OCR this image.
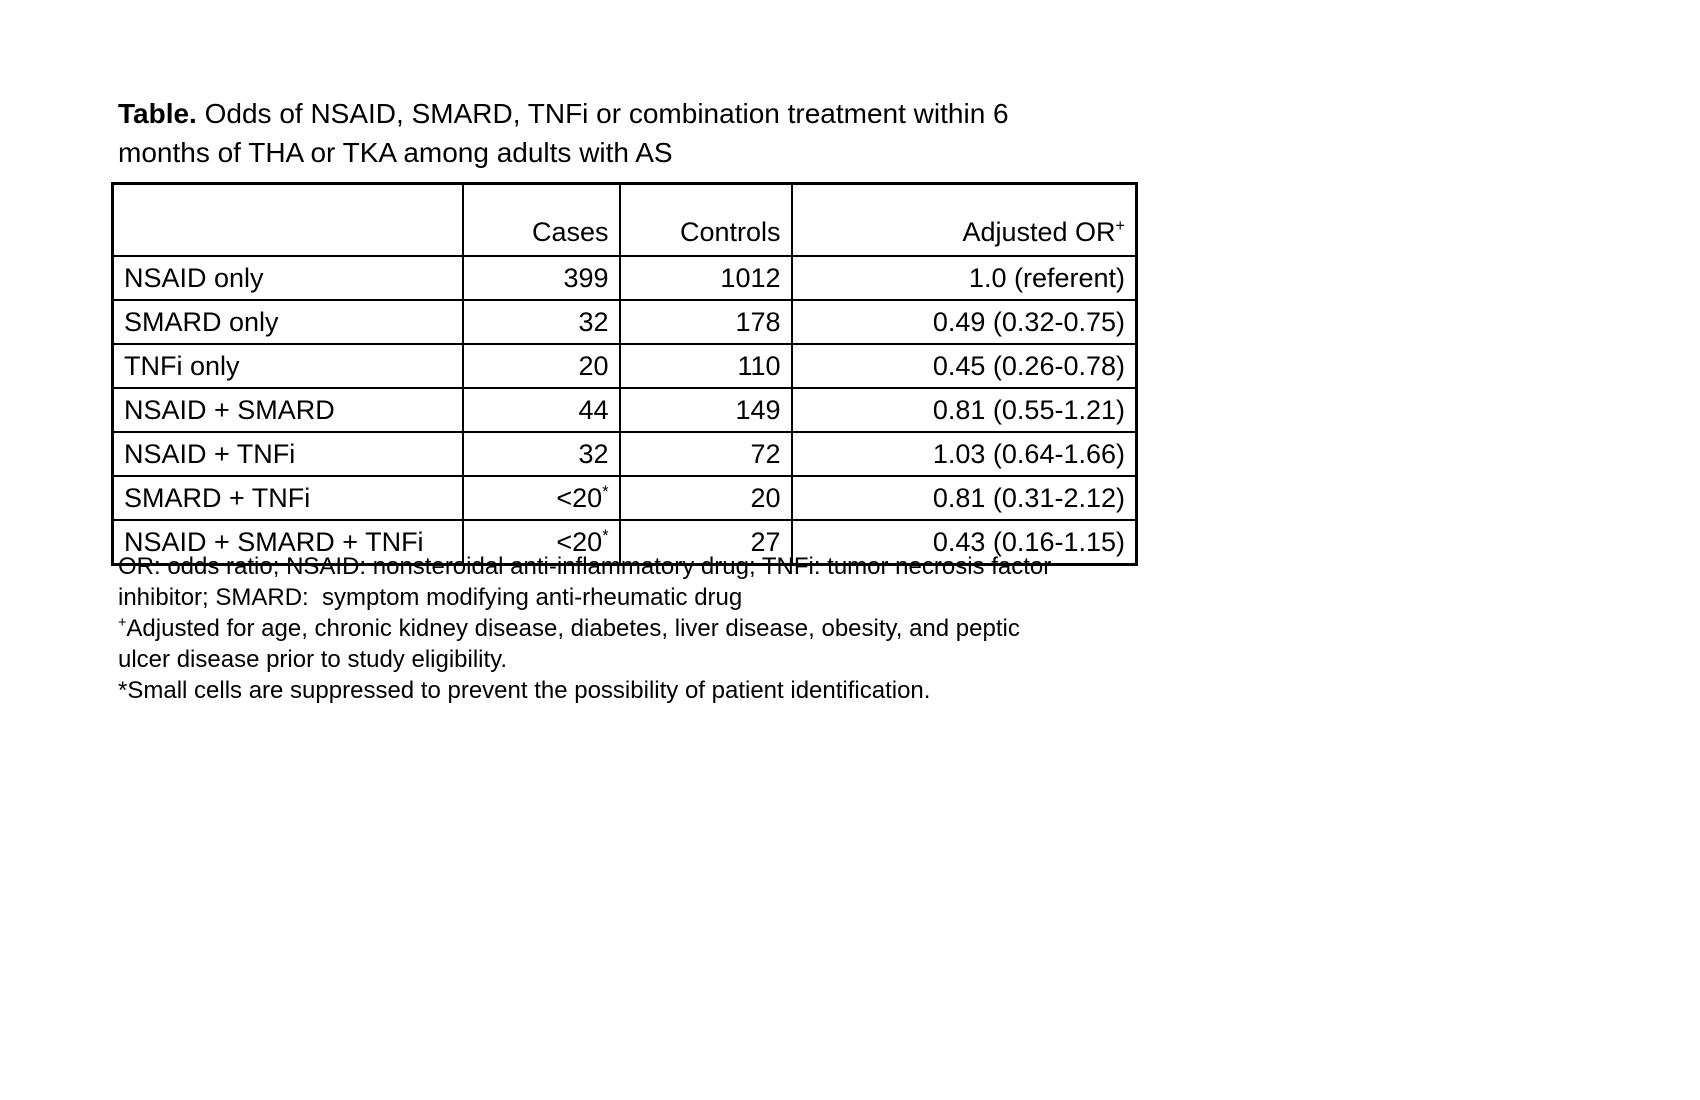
Table. Odds of NSAID, SMARD, TNFi or combination treatment within 6
months of THA or TKA among adults with AS
	Cases	Controls	Adjusted OR+
NSAID only	399	1012	1.0 (referent)
SMARD only	32	178	0.49 (0.32-0.75)
TNFi only	20	110	0.45 (0.26-0.78)
NSAID + SMARD	44	149	0.81 (0.55-1.21)
NSAID + TNFi	32	72	1.03 (0.64-1.66)
SMARD + TNFi	<20*	20	0.81 (0.31-2.12)
NSAID + SMARD + TNFi	<20*	27	0.43 (0.16-1.15)

OR: odds ratio; NSAID: nonsteroidal anti-inflammatory drug; TNFi: tumor necrosis factor
inhibitor; SMARD:  symptom modifying anti-rheumatic drug

+Adjusted for age, chronic kidney disease, diabetes, liver disease, obesity, and peptic
ulcer disease prior to study eligibility.

*Small cells are suppressed to prevent the possibility of patient identification.
